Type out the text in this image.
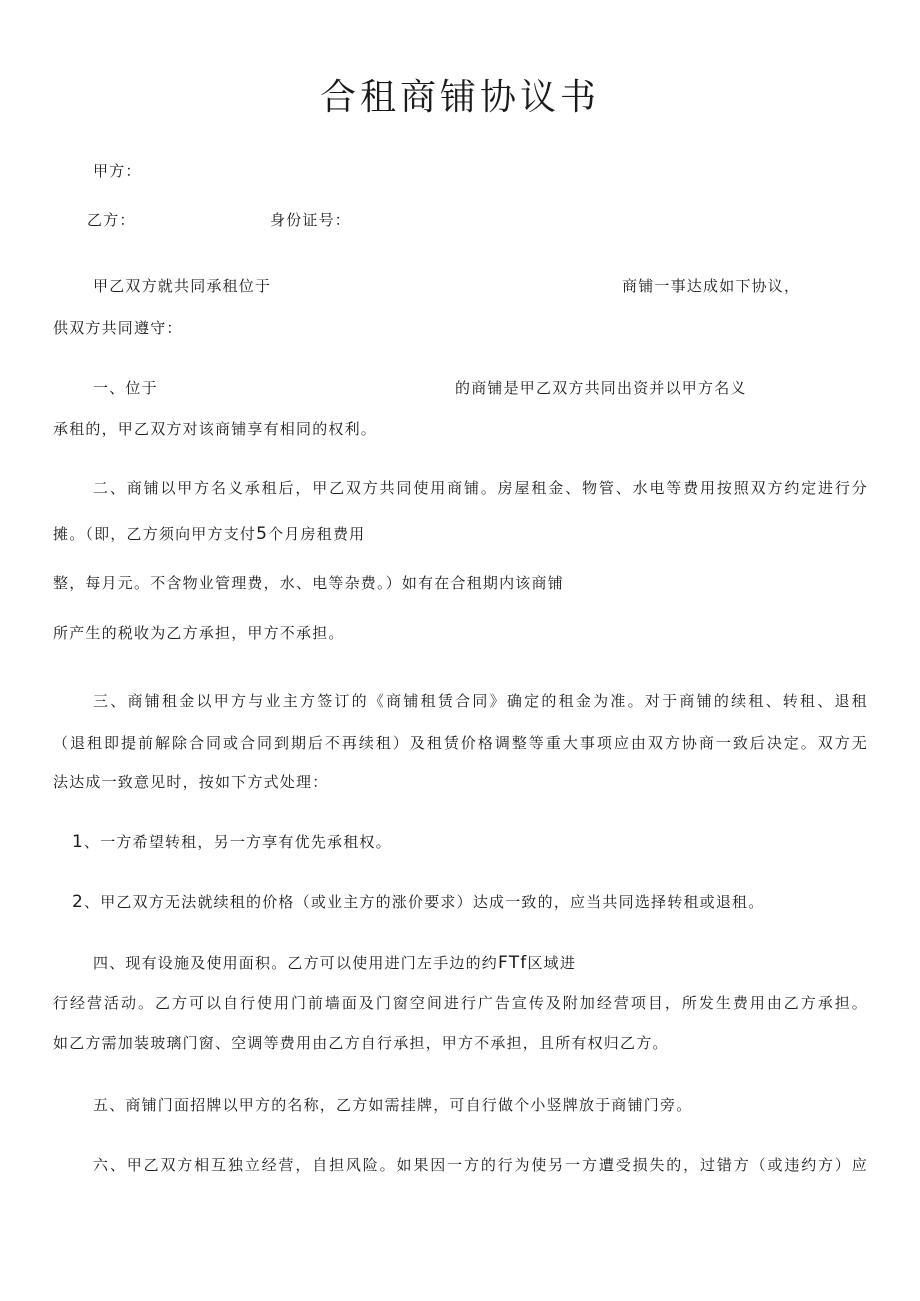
合租商铺协议书
甲方：
乙方：	身份证号：
甲乙双方就共同承租位于	商铺一事达成如下协议，
供双方共同遵守：
一、位于	的商铺是甲乙双方共同出资并以甲方名义
承租的，甲乙双方对该商铺享有相同的权利。
二、商铺以甲方名义承租后，甲乙双方共同使用商铺。房屋租金、物管、水电等费用按照双方约定进行分
摊。（即，乙方须向甲方支付5个月房租费用
整，每月元。不含物业管理费，水、电等杂费。）如有在合租期内该商铺
所产生的税收为乙方承担，甲方不承担。
三、商铺租金以甲方与业主方签订的《商铺租赁合同》确定的租金为准。对于商铺的续租、转租、退租
（退租即提前解除合同或合同到期后不再续租）及租赁价格调整等重大事项应由双方协商一致后决定。双方无
法达成一致意见时，按如下方式处理：
1、一方希望转租，另一方享有优先承租权。
2、甲乙双方无法就续租的价格（或业主方的涨价要求）达成一致的，应当共同选择转租或退租。
四、现有设施及使用面积。乙方可以使用进门左手边的约FTf区域进
行经营活动。乙方可以自行使用门前墙面及门窗空间进行广告宣传及附加经营项目，所发生费用由乙方承担。
如乙方需加装玻璃门窗、空调等费用由乙方自行承担，甲方不承担，且所有权归乙方。
五、商铺门面招牌以甲方的名称，乙方如需挂牌，可自行做个小竖牌放于商铺门旁。
六、甲乙双方相互独立经营，自担风险。如果因一方的行为使另一方遭受损失的，过错方（或违约方）应
